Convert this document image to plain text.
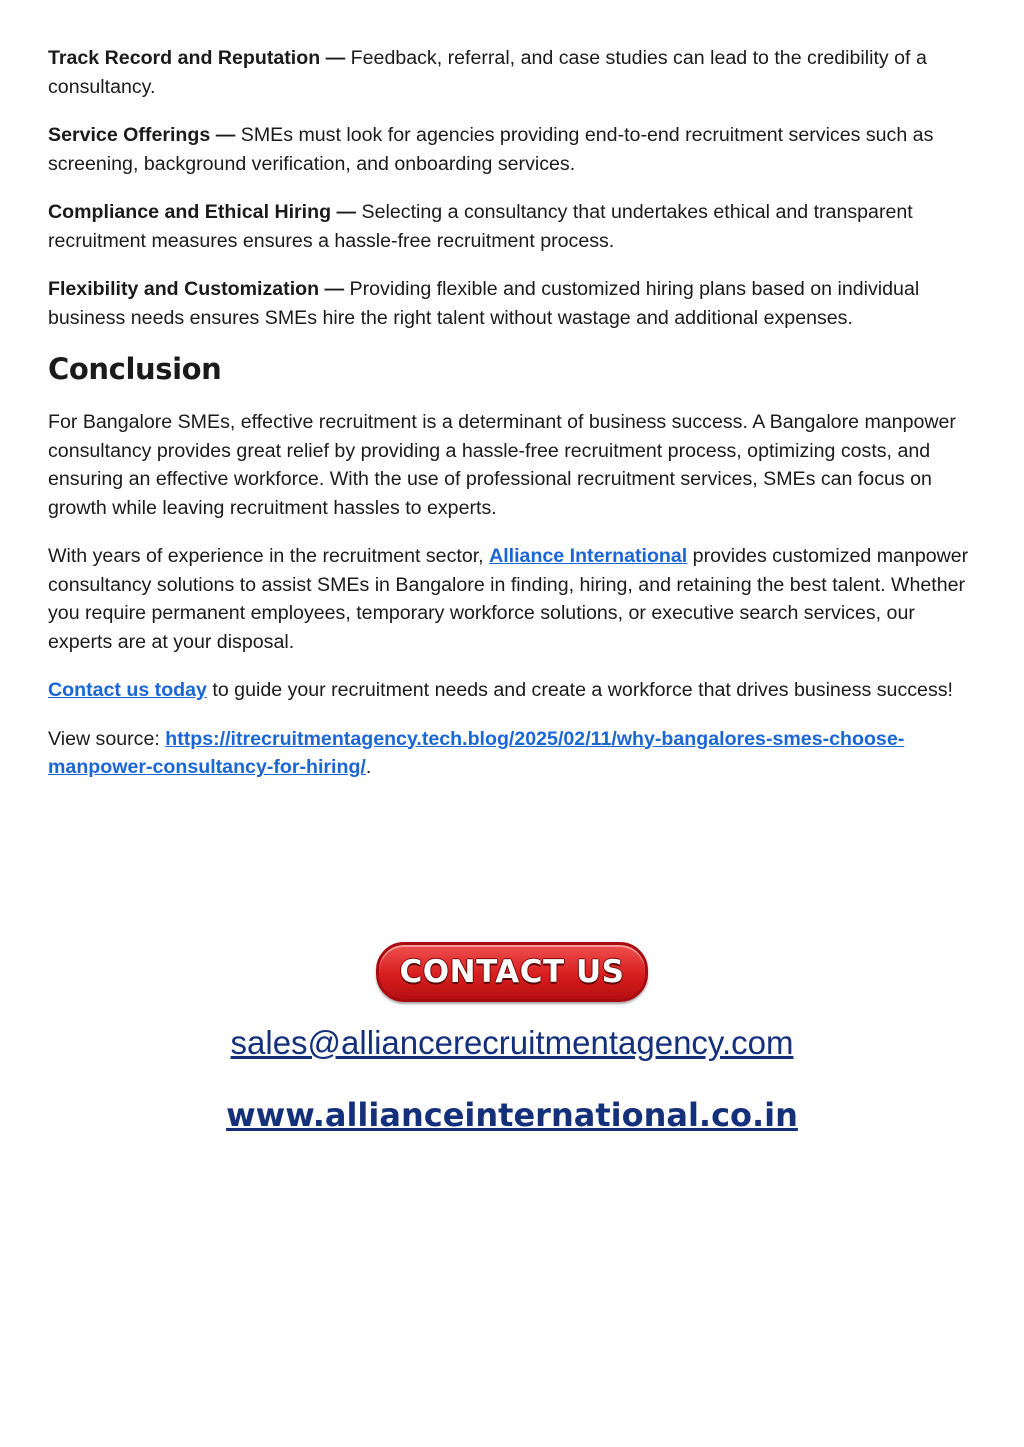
Track Record and Reputation — Feedback, referral, and case studies can lead to the credibility of a consultancy.

Service Offerings — SMEs must look for agencies providing end-to-end recruitment services such as screening, background verification, and onboarding services.

Compliance and Ethical Hiring — Selecting a consultancy that undertakes ethical and transparent recruitment measures ensures a hassle-free recruitment process.

Flexibility and Customization — Providing flexible and customized hiring plans based on individual business needs ensures SMEs hire the right talent without wastage and additional expenses.

Conclusion

For Bangalore SMEs, effective recruitment is a determinant of business success. A Bangalore manpower consultancy provides great relief by providing a hassle-free recruitment process, optimizing costs, and ensuring an effective workforce. With the use of professional recruitment services, SMEs can focus on growth while leaving recruitment hassles to experts.

With years of experience in the recruitment sector, Alliance International provides customized manpower consultancy solutions to assist SMEs in Bangalore in finding, hiring, and retaining the best talent. Whether you require permanent employees, temporary workforce solutions, or executive search services, our experts are at your disposal.

Contact us today to guide your recruitment needs and create a workforce that drives business success!

View source: https://itrecruitmentagency.tech.blog/2025/02/11/why-bangalores-smes-choose-manpower-consultancy-for-hiring/.

CONTACT US
sales@alliancerecruitmentagency.com
www.allianceinternational.co.in
